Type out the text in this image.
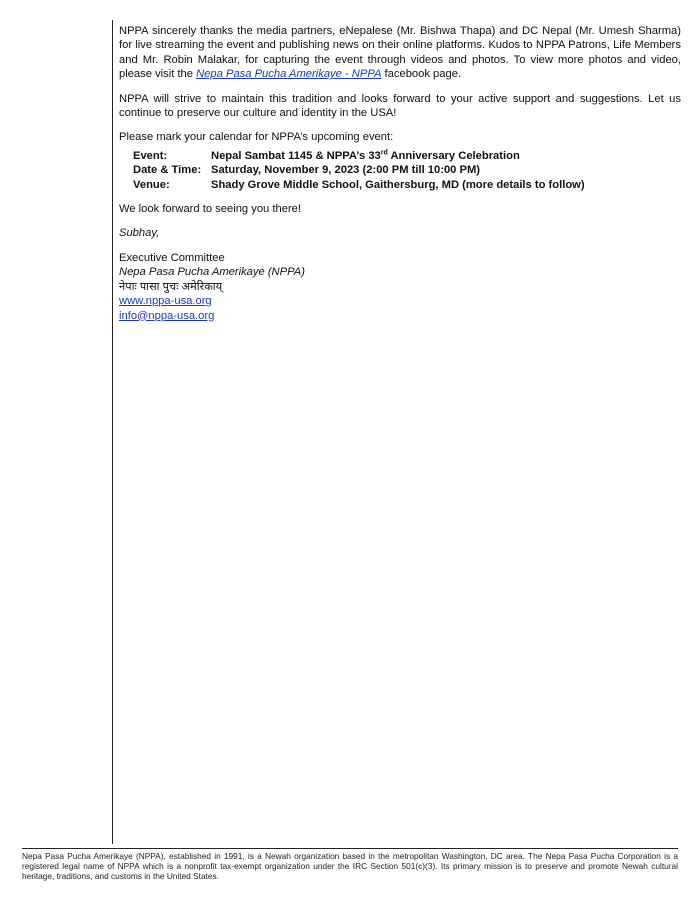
NPPA sincerely thanks the media partners, eNepalese (Mr. Bishwa Thapa) and DC Nepal (Mr. Umesh Sharma) for live streaming the event and publishing news on their online platforms. Kudos to NPPA Patrons, Life Members and Mr. Robin Malakar, for capturing the event through videos and photos. To view more photos and video, please visit the Nepa Pasa Pucha Amerikaye - NPPA facebook page.

NPPA will strive to maintain this tradition and looks forward to your active support and suggestions. Let us continue to preserve our culture and identity in the USA!

Please mark your calendar for NPPA’s upcoming event:

Event:	Nepal Sambat 1145 & NPPA’s 33rd Anniversary Celebration
Date & Time: Saturday, November 9, 2023 (2:00 PM till 10:00 PM)
Venue:	Shady Grove Middle School, Gaithersburg, MD (more details to follow)

We look forward to seeing you there!

Subhay,

Executive Committee
Nepa Pasa Pucha Amerikaye (NPPA)
नेपाः पासा पुचः अमेरिकाय्
www.nppa-usa.org
info@nppa-usa.org
Nepa Pasa Pucha Amerikaye (NPPA), established in 1991, is a Newah organization based in the metropolitan Washington, DC area. The Nepa Pasa Pucha Corporation is a registered legal name of NPPA which is a nonprofit tax-exempt organization under the IRC Section 501(c)(3). Its primary mission is to preserve and promote Newah cultural heritage, traditions, and customs in the United States.
